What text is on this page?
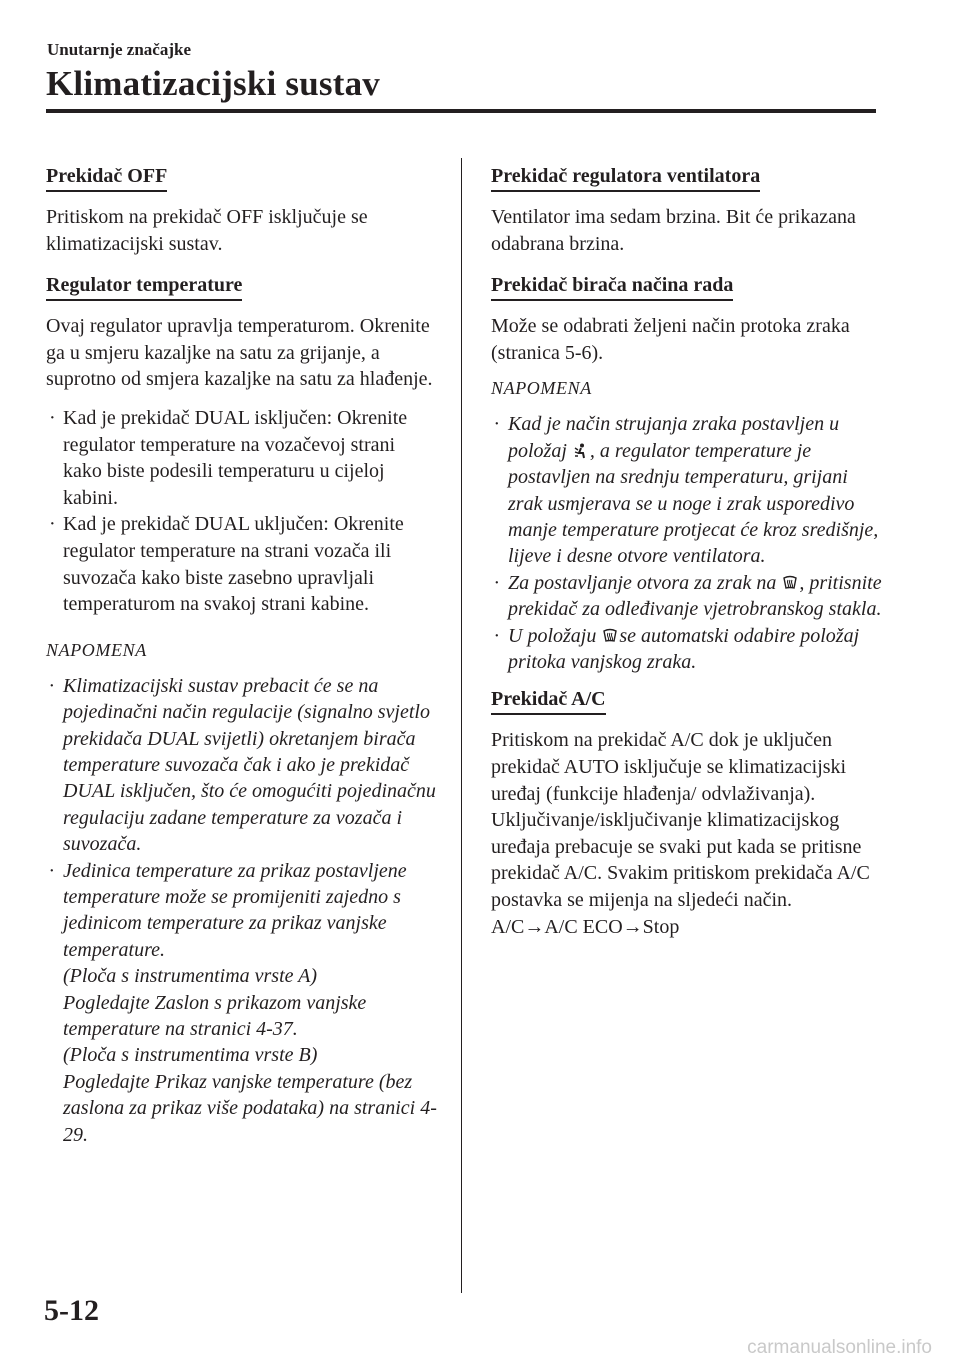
Unutarnje značajke
Klimatizacijski sustav
Prekidač OFF
Pritiskom na prekidač OFF isključuje se klimatizacijski sustav.
Regulator temperature
Ovaj regulator upravlja temperaturom. Okrenite ga u smjeru kazaljke na satu za grijanje, a suprotno od smjera kazaljke na satu za hlađenje.
· Kad je prekidač DUAL isključen: Okrenite regulator temperature na vozačevoj strani kako biste podesili temperaturu u cijeloj kabini.
· Kad je prekidač DUAL uključen: Okrenite regulator temperature na strani vozača ili suvozača kako biste zasebno upravljali temperaturom na svakoj strani kabine.
NAPOMENA
· Klimatizacijski sustav prebacit će se na pojedinačni način regulacije (signalno svjetlo prekidača DUAL svijetli) okretanjem birača temperature suvozača čak i ako je prekidač DUAL isključen, što će omogućiti pojedinačnu regulaciju zadane temperature za vozača i suvozača.
· Jedinica temperature za prikaz postavljene temperature može se promijeniti zajedno s jedinicom temperature za prikaz vanjske temperature.
(Ploča s instrumentima vrste A)
Pogledajte Zaslon s prikazom vanjske temperature na stranici 4-37.
(Ploča s instrumentima vrste B)
Pogledajte Prikaz vanjske temperature (bez zaslona za prikaz više podataka) na stranici 4-29.
Prekidač regulatora ventilatora
Ventilator ima sedam brzina. Bit će prikazana odabrana brzina.
Prekidač birača načina rada
Može se odabrati željeni način protoka zraka (stranica 5-6).
NAPOMENA
· Kad je način strujanja zraka postavljen u položaj , a regulator temperature je postavljen na srednju temperaturu, grijani zrak usmjerava se u noge i zrak usporedivo manje temperature protjecat će kroz središnje, lijeve i desne otvore ventilatora.
· Za postavljanje otvora za zrak na , pritisnite prekidač za odleđivanje vjetrobranskog stakla.
· U položaju se automatski odabire položaj pritoka vanjskog zraka.
Prekidač A/C
Pritiskom na prekidač A/C dok je uključen prekidač AUTO isključuje se klimatizacijski uređaj (funkcije hlađenja/ odvlaživanja).
Uključivanje/isključivanje klimatizacijskog uređaja prebacuje se svaki put kada se pritisne prekidač A/C. Svakim pritiskom prekidača A/C postavka se mijenja na sljedeći način.
A/C→A/C ECO→Stop
5-12
carmanualsonline.info
